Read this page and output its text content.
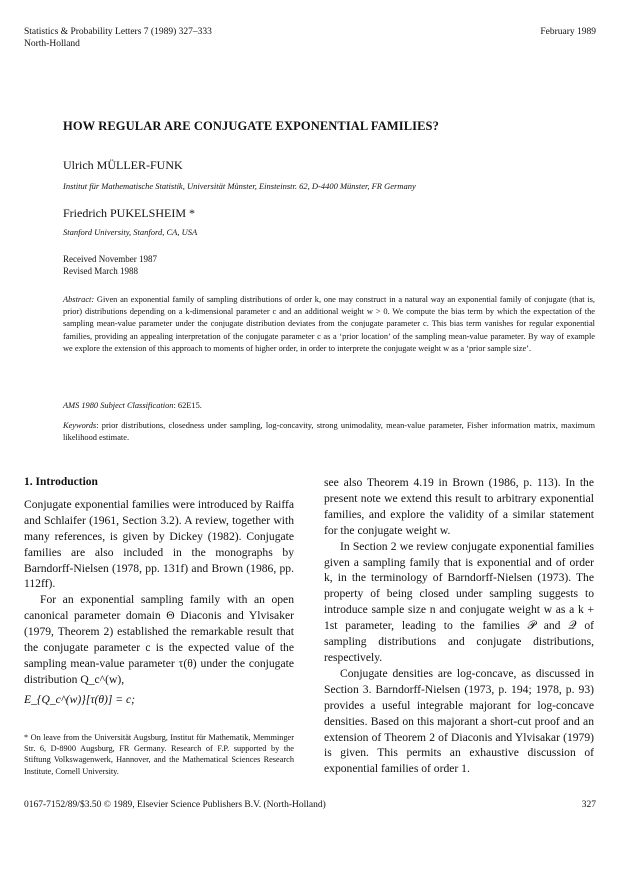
Statistics & Probability Letters 7 (1989) 327–333
North-Holland
February 1989
HOW REGULAR ARE CONJUGATE EXPONENTIAL FAMILIES?
Ulrich MÜLLER-FUNK
Institut für Mathematische Statistik, Universität Münster, Einsteinstr. 62, D-4400 Münster, FR Germany
Friedrich PUKELSHEIM *
Stanford University, Stanford, CA, USA
Received November 1987
Revised March 1988
Abstract: Given an exponential family of sampling distributions of order k, one may construct in a natural way an exponential family of conjugate (that is, prior) distributions depending on a k-dimensional parameter c and an additional weight w > 0. We compute the bias term by which the expectation of the sampling mean-value parameter under the conjugate distribution deviates from the conjugate parameter c. This bias term vanishes for regular exponential families, providing an appealing interpretation of the conjugate parameter c as a ‘prior location’ of the sampling mean-value parameter. By way of example we explore the extension of this approach to moments of higher order, in order to interprete the conjugate weight w as a ‘prior sample size’.
AMS 1980 Subject Classification: 62E15.
Keywords: prior distributions, closedness under sampling, log-concavity, strong unimodality, mean-value parameter, Fisher information matrix, maximum likelihood estimate.
1. Introduction

Conjugate exponential families were introduced by Raiffa and Schlaifer (1961, Section 3.2). A review, together with many references, is given by Dickey (1982). Conjugate families are also included in the monographs by Barndorff-Nielsen (1978, pp. 131f) and Brown (1986, pp. 112ff).

For an exponential sampling family with an open canonical parameter domain Θ Diaconis and Ylvisaker (1979, Theorem 2) established the remarkable result that the conjugate parameter c is the expected value of the sampling mean-value parameter τ(θ) under the conjugate distribution Q_c^(w),

E_{Q_c^(w)}[τ(θ)] = c;

* On leave from the Universität Augsburg, Institut für Mathematik, Memminger Str. 6, D-8900 Augsburg, FR Germany. Research of F.P. supported by the Stiftung Volkswagenwerk, Hannover, and the Mathematical Sciences Research Institute, Cornell University.

see also Theorem 4.19 in Brown (1986, p. 113). In the present note we extend this result to arbitrary exponential families, and explore the validity of a similar statement for the conjugate weight w.

In Section 2 we review conjugate exponential families given a sampling family that is exponential and of order k, in the terminology of Barndorff-Nielsen (1973). The property of being closed under sampling suggests to introduce sample size n and conjugate weight w as a k + 1st parameter, leading to the families 𝒫 and 𝒬 of sampling distributions and conjugate distributions, respectively.

Conjugate densities are log-concave, as discussed in Section 3. Barndorff-Nielsen (1973, p. 194; 1978, p. 93) provides a useful integrable majorant for log-concave densities. Based on this majorant a short-cut proof and an extension of Theorem 2 of Diaconis and Ylvisakar (1979) is given. This permits an exhaustive discussion of exponential families of order 1.

0167-7152/89/$3.50 © 1989, Elsevier Science Publishers B.V. (North-Holland)	327
